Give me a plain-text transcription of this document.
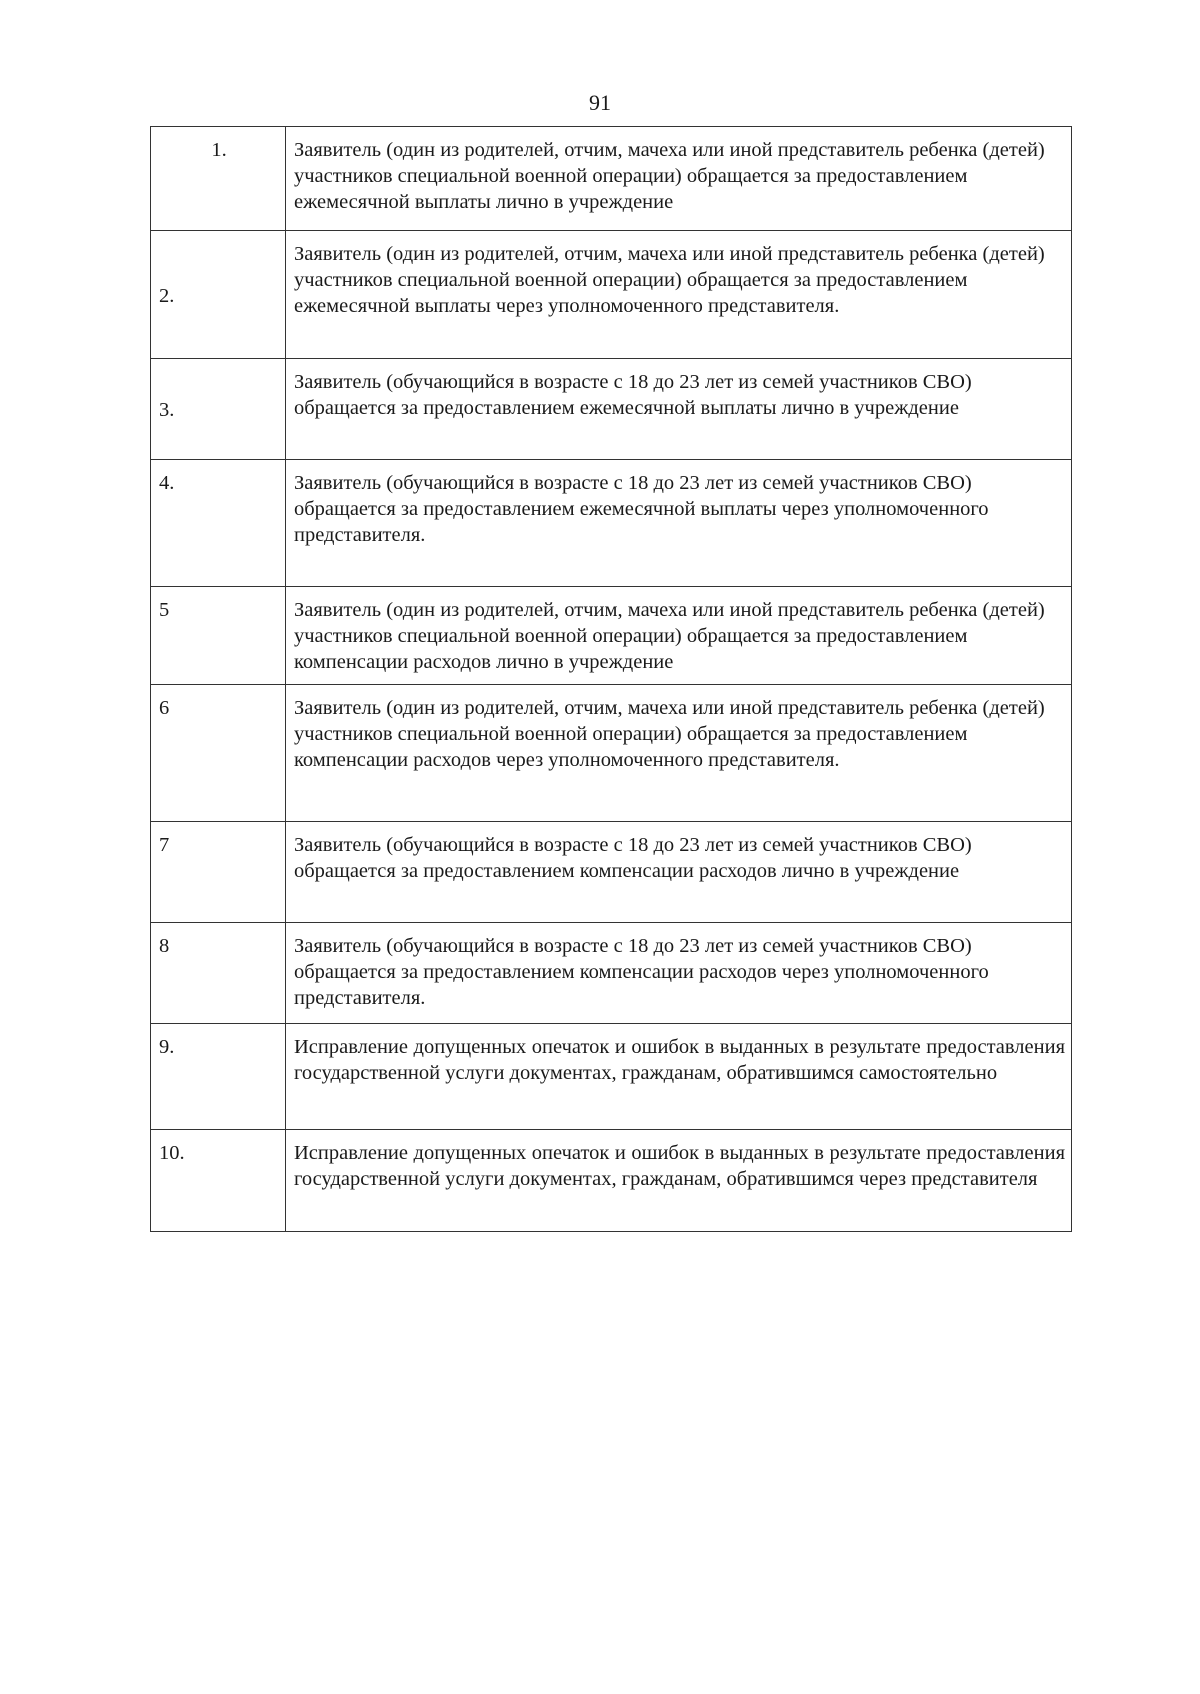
91
1.	Заявитель (один из родителей, отчим, мачеха или иной представитель ребенка (детей) участников специальной военной операции) обращается за предоставлением ежемесячной выплаты лично в учреждение
2.	Заявитель (один из родителей, отчим, мачеха или иной представитель ребенка (детей) участников специальной военной операции) обращается за предоставлением ежемесячной выплаты через уполномоченного представителя.
3.	Заявитель (обучающийся в возрасте с 18 до 23 лет из семей участников СВО) обращается за предоставлением ежемесячной выплаты лично в учреждение
4.	Заявитель (обучающийся в возрасте с 18 до 23 лет из семей участников СВО) обращается за предоставлением ежемесячной выплаты через уполномоченного представителя.
5	Заявитель (один из родителей, отчим, мачеха или иной представитель ребенка (детей) участников специальной военной операции) обращается за предоставлением компенсации расходов лично в учреждение
6	Заявитель (один из родителей, отчим, мачеха или иной представитель ребенка (детей) участников специальной военной операции) обращается за предоставлением компенсации расходов через уполномоченного представителя.
7	Заявитель (обучающийся в возрасте с 18 до 23 лет из семей участников СВО) обращается за предоставлением компенсации расходов лично в учреждение
8	Заявитель (обучающийся в возрасте с 18 до 23 лет из семей участников СВО) обращается за предоставлением компенсации расходов через уполномоченного представителя.
9.	Исправление допущенных опечаток и ошибок в выданных в результате предоставления государственной услуги документах, гражданам, обратившимся самостоятельно
10.	Исправление допущенных опечаток и ошибок в выданных в результате предоставления государственной услуги документах, гражданам, обратившимся через представителя
